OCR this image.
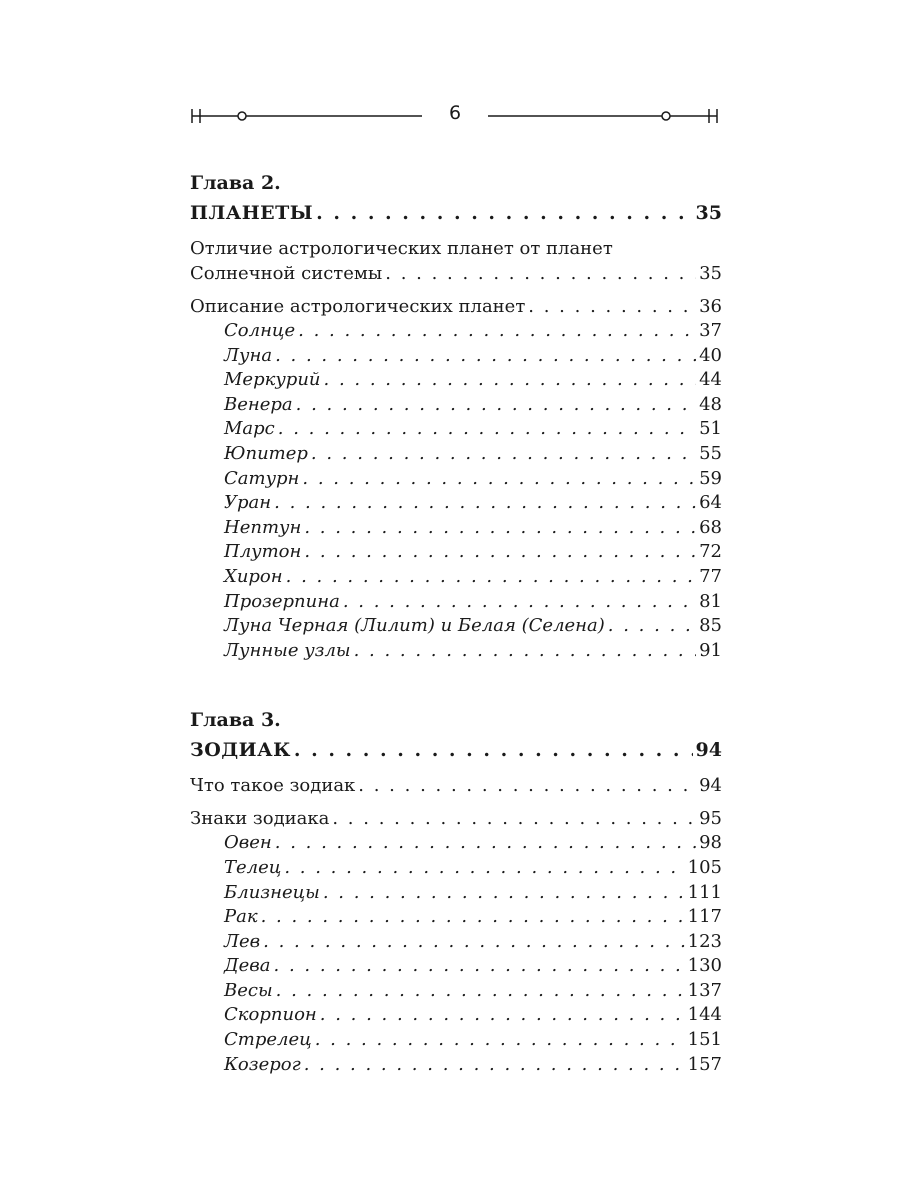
6
Глава 2.
ПЛАНЕТЫ . . .	35
Отличие астрологических планет от планет
Солнечной системы . . .	35
Описание астрологических планет . . .	36
Солнце . . .	37
Луна . . .	40
Меркурий . . .	44
Венера . . .	48
Марс . . .	51
Юпитер . . .	55
Сатурн . . .	59
Уран . . .	64
Нептун . . .	68
Плутон . . .	72
Хирон . . .	77
Прозерпина . . .	81
Луна Черная (Лилит) и Белая (Селена) . . .	85
Лунные узлы . . .	91
Глава 3.
ЗОДИАК . . .	94
Что такое зодиак . . .	94
Знаки зодиака . . .	95
Овен . . .	98
Телец . . .	105
Близнецы . . .	111
Рак . . .	117
Лев . . .	123
Дева . . .	130
Весы . . .	137
Скорпион . . .	144
Стрелец . . .	151
Козерог . . .	157
